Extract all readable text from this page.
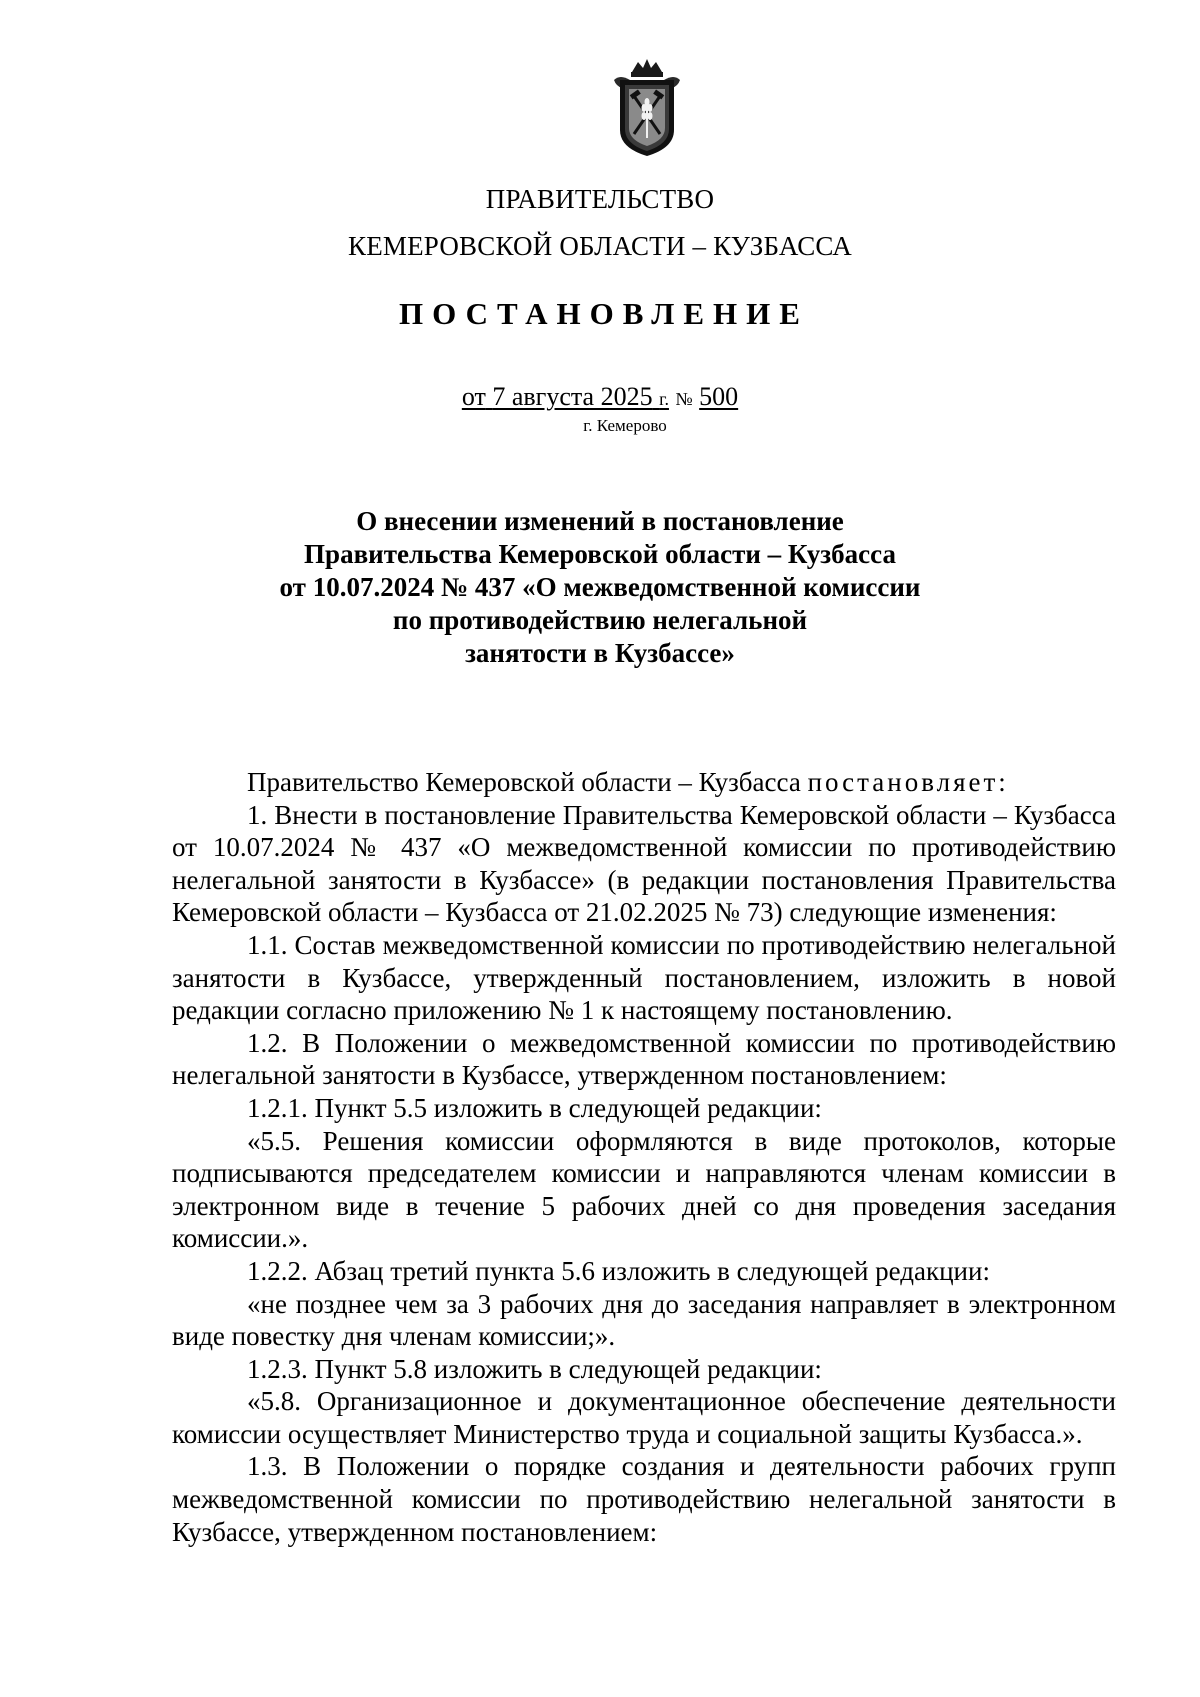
ПРАВИТЕЛЬСТВО
КЕМЕРОВСКОЙ ОБЛАСТИ – КУЗБАССА
ПОСТАНОВЛЕНИЕ
от 7 августа 2025 г. № 500
г. Кемерово
О внесении изменений в постановление
Правительства Кемеровской области – Кузбасса
от 10.07.2024 № 437 «О межведомственной комиссии
по противодействию нелегальной
занятости в Кузбассе»

Правительство Кемеровской области – Кузбасса постановляет:

1. Внести в постановление Правительства Кемеровской области – Кузбасса от 10.07.2024 № 437 «О межведомственной комиссии по противодействию нелегальной занятости в Кузбассе» (в редакции постановления Правительства Кемеровской области – Кузбасса от 21.02.2025 № 73) следующие изменения:

1.1. Состав межведомственной комиссии по противодействию нелегальной занятости в Кузбассе, утвержденный постановлением, изложить в новой редакции согласно приложению № 1 к настоящему постановлению.

1.2. В Положении о межведомственной комиссии по противодействию нелегальной занятости в Кузбассе, утвержденном постановлением:

1.2.1. Пункт 5.5 изложить в следующей редакции:

«5.5. Решения комиссии оформляются в виде протоколов, которые подписываются председателем комиссии и направляются членам комиссии в электронном виде в течение 5 рабочих дней со дня проведения заседания комиссии.».

1.2.2. Абзац третий пункта 5.6 изложить в следующей редакции:

«не позднее чем за 3 рабочих дня до заседания направляет в электронном виде повестку дня членам комиссии;».

1.2.3. Пункт 5.8 изложить в следующей редакции:

«5.8. Организационное и документационное обеспечение деятельности комиссии осуществляет Министерство труда и социальной защиты Кузбасса.».

1.3. В Положении о порядке создания и деятельности рабочих групп межведомственной комиссии по противодействию нелегальной занятости в Кузбассе, утвержденном постановлением:
